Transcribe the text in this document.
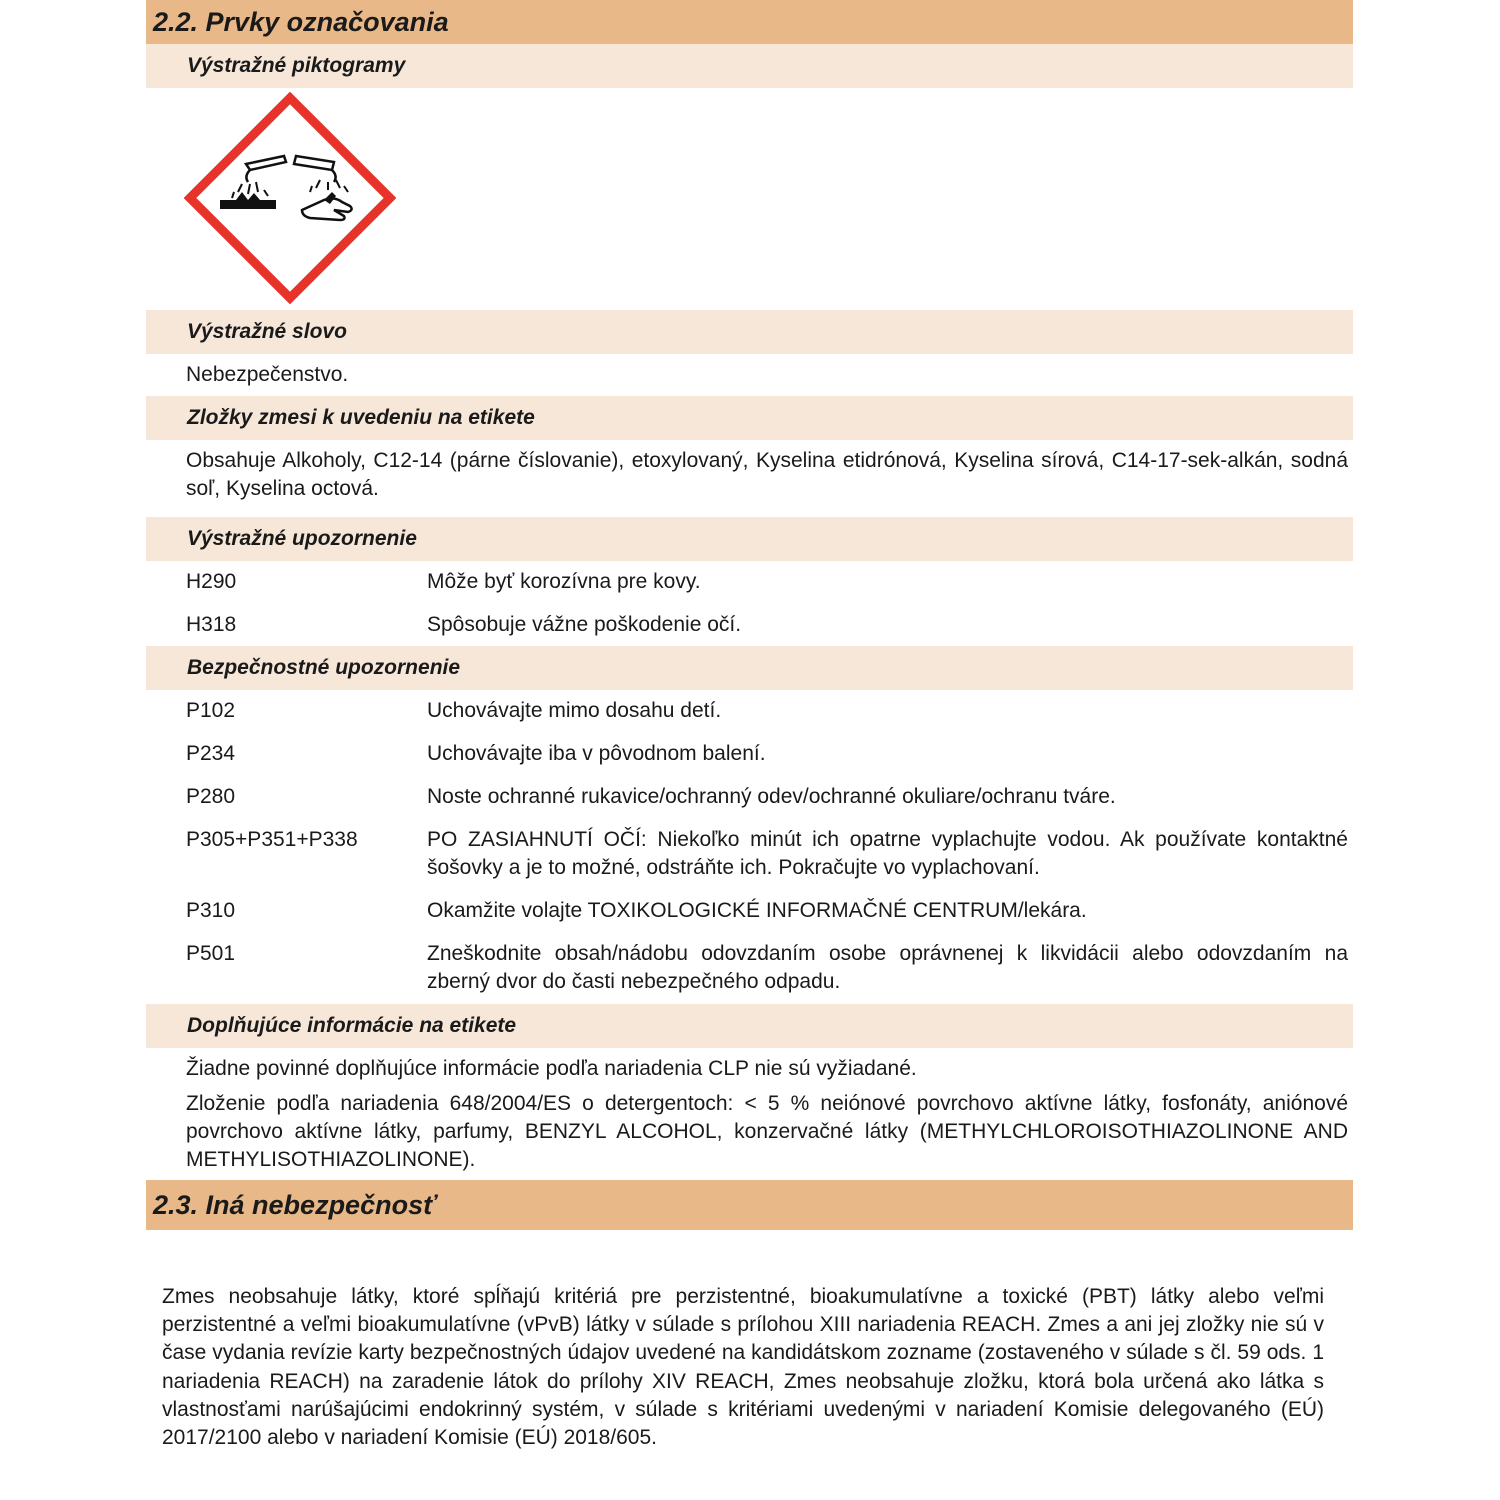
2.2. Prvky označovania
Výstražné piktogramy
Výstražné slovo
Nebezpečenstvo.
Zložky zmesi k uvedeniu na etikete
Obsahuje Alkoholy, C12-14 (párne číslovanie), etoxylovaný, Kyselina etidrónová, Kyselina sírová, C14-17-sek-alkán, sodná soľ, Kyselina octová.
Výstražné upozornenie
H290	Môže byť korozívna pre kovy.
H318	Spôsobuje vážne poškodenie očí.
Bezpečnostné upozornenie
P102	Uchovávajte mimo dosahu detí.
P234	Uchovávajte iba v pôvodnom balení.
P280	Noste ochranné rukavice/ochranný odev/ochranné okuliare/ochranu tváre.
P305+P351+P338	PO ZASIAHNUTÍ OČÍ: Niekoľko minút ich opatrne vyplachujte vodou. Ak používate kontaktné šošovky a je to možné, odstráňte ich. Pokračujte vo vyplachovaní.
P310	Okamžite volajte TOXIKOLOGICKÉ INFORMAČNÉ CENTRUM/lekára.
P501	Zneškodnite obsah/nádobu odovzdaním osobe oprávnenej k likvidácii alebo odovzdaním na zberný dvor do časti nebezpečného odpadu.
Doplňujúce informácie na etikete
Žiadne povinné doplňujúce informácie podľa nariadenia CLP nie sú vyžiadané.
Zloženie podľa nariadenia 648/2004/ES o detergentoch: < 5 % neiónové povrchovo aktívne látky, fosfonáty, aniónové povrchovo aktívne látky, parfumy, BENZYL ALCOHOL, konzervačné látky (METHYLCHLOROISOTHIAZOLINONE AND METHYLISOTHIAZOLINONE).
2.3. Iná nebezpečnosť
Zmes neobsahuje látky, ktoré spĺňajú kritériá pre perzistentné, bioakumulatívne a toxické (PBT) látky alebo veľmi perzistentné a veľmi bioakumulatívne (vPvB) látky v súlade s prílohou XIII nariadenia REACH. Zmes a ani jej zložky nie sú v čase vydania revízie karty bezpečnostných údajov uvedené na kandidátskom zozname (zostaveného v súlade s čl. 59 ods. 1 nariadenia REACH) na zaradenie látok do prílohy XIV REACH, Zmes neobsahuje zložku, ktorá bola určená ako látka s vlastnosťami narúšajúcimi endokrinný systém, v súlade s kritériami uvedenými v nariadení Komisie delegovaného (EÚ) 2017/2100 alebo v nariadení Komisie (EÚ) 2018/605.
